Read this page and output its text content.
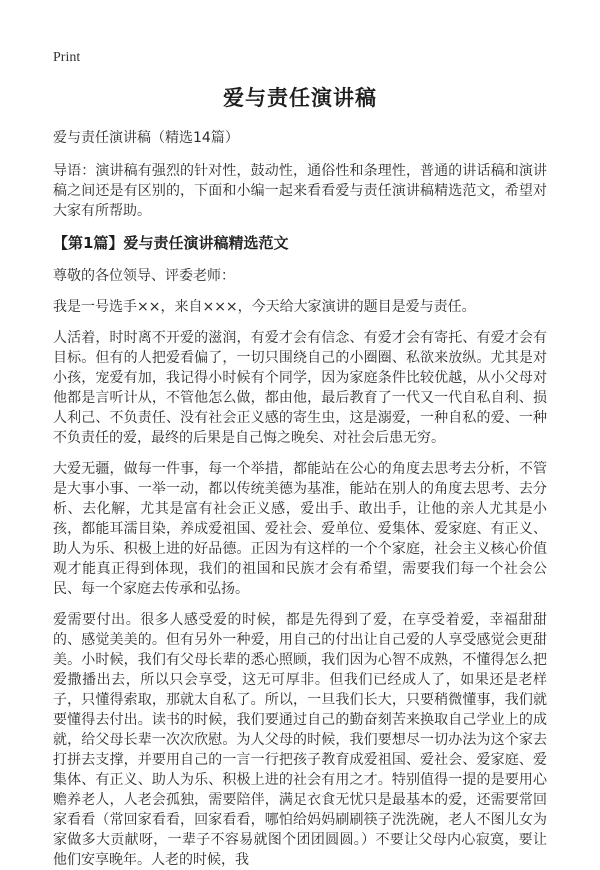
Print
爱与责任演讲稿
爱与责任演讲稿（精选14篇）

导语：演讲稿有强烈的针对性，鼓动性，通俗性和条理性，普通的讲话稿和演讲稿之间还是有区别的，下面和小编一起来看看爱与责任演讲稿精选范文，希望对大家有所帮助。

【第1篇】爱与责任演讲稿精选范文

尊敬的各位领导、评委老师：

我是一号选手××，来自×××，今天给大家演讲的题目是爱与责任。

人活着，时时离不开爱的滋润，有爱才会有信念、有爱才会有寄托、有爱才会有目标。但有的人把爱看偏了，一切只围绕自己的小圈圈、私欲来放纵。尤其是对小孩，宠爱有加，我记得小时候有个同学，因为家庭条件比较优越，从小父母对他都是言听计从，不管他怎么做，都由他，最后教育了一代又一代自私自利、损人利己、不负责任、没有社会正义感的寄生虫，这是溺爱，一种自私的爱、一种不负责任的爱，最终的后果是自己悔之晚矣、对社会后患无穷。

大爱无疆，做每一件事，每一个举措，都能站在公心的角度去思考去分析，不管是大事小事、一举一动，都以传统美德为基准，能站在别人的角度去思考、去分析、去化解，尤其是富有社会正义感，爱出手、敢出手，让他的亲人尤其是小孩，都能耳濡目染，养成爱祖国、爱社会、爱单位、爱集体、爱家庭、有正义、助人为乐、积极上进的好品德。正因为有这样的一个个家庭，社会主义核心价值观才能真正得到体现，我们的祖国和民族才会有希望，需要我们每一个社会公民、每一个家庭去传承和弘扬。

爱需要付出。很多人感受爱的时候，都是先得到了爱，在享受着爱，幸福甜甜的、感觉美美的。但有另外一种爱，用自己的付出让自己爱的人享受感觉会更甜美。小时候，我们有父母长辈的悉心照顾，我们因为心智不成熟，不懂得怎么把爱撒播出去，所以只会享受，这无可厚非。但我们已经成人了，如果还是老样子，只懂得索取，那就太自私了。所以，一旦我们长大，只要稍微懂事，我们就要懂得去付出。读书的时候，我们要通过自己的勤奋刻苦来换取自己学业上的成就，给父母长辈一次次欣慰。为人父母的时候，我们要想尽一切办法为这个家去打拼去支撑，并要用自己的一言一行把孩子教育成爱祖国、爱社会、爱家庭、爱集体、有正义、助人为乐、积极上进的社会有用之才。特别值得一提的是要用心赡养老人，人老会孤独，需要陪伴，满足衣食无忧只是最基本的爱，还需要常回家看看（常回家看看，回家看看，哪怕给妈妈刷刷筷子洗洗碗，老人不图儿女为家做多大贡献呀，一辈子不容易就图个团团圆圆。）不要让父母内心寂寞，要让他们安享晚年。人老的时候，我
